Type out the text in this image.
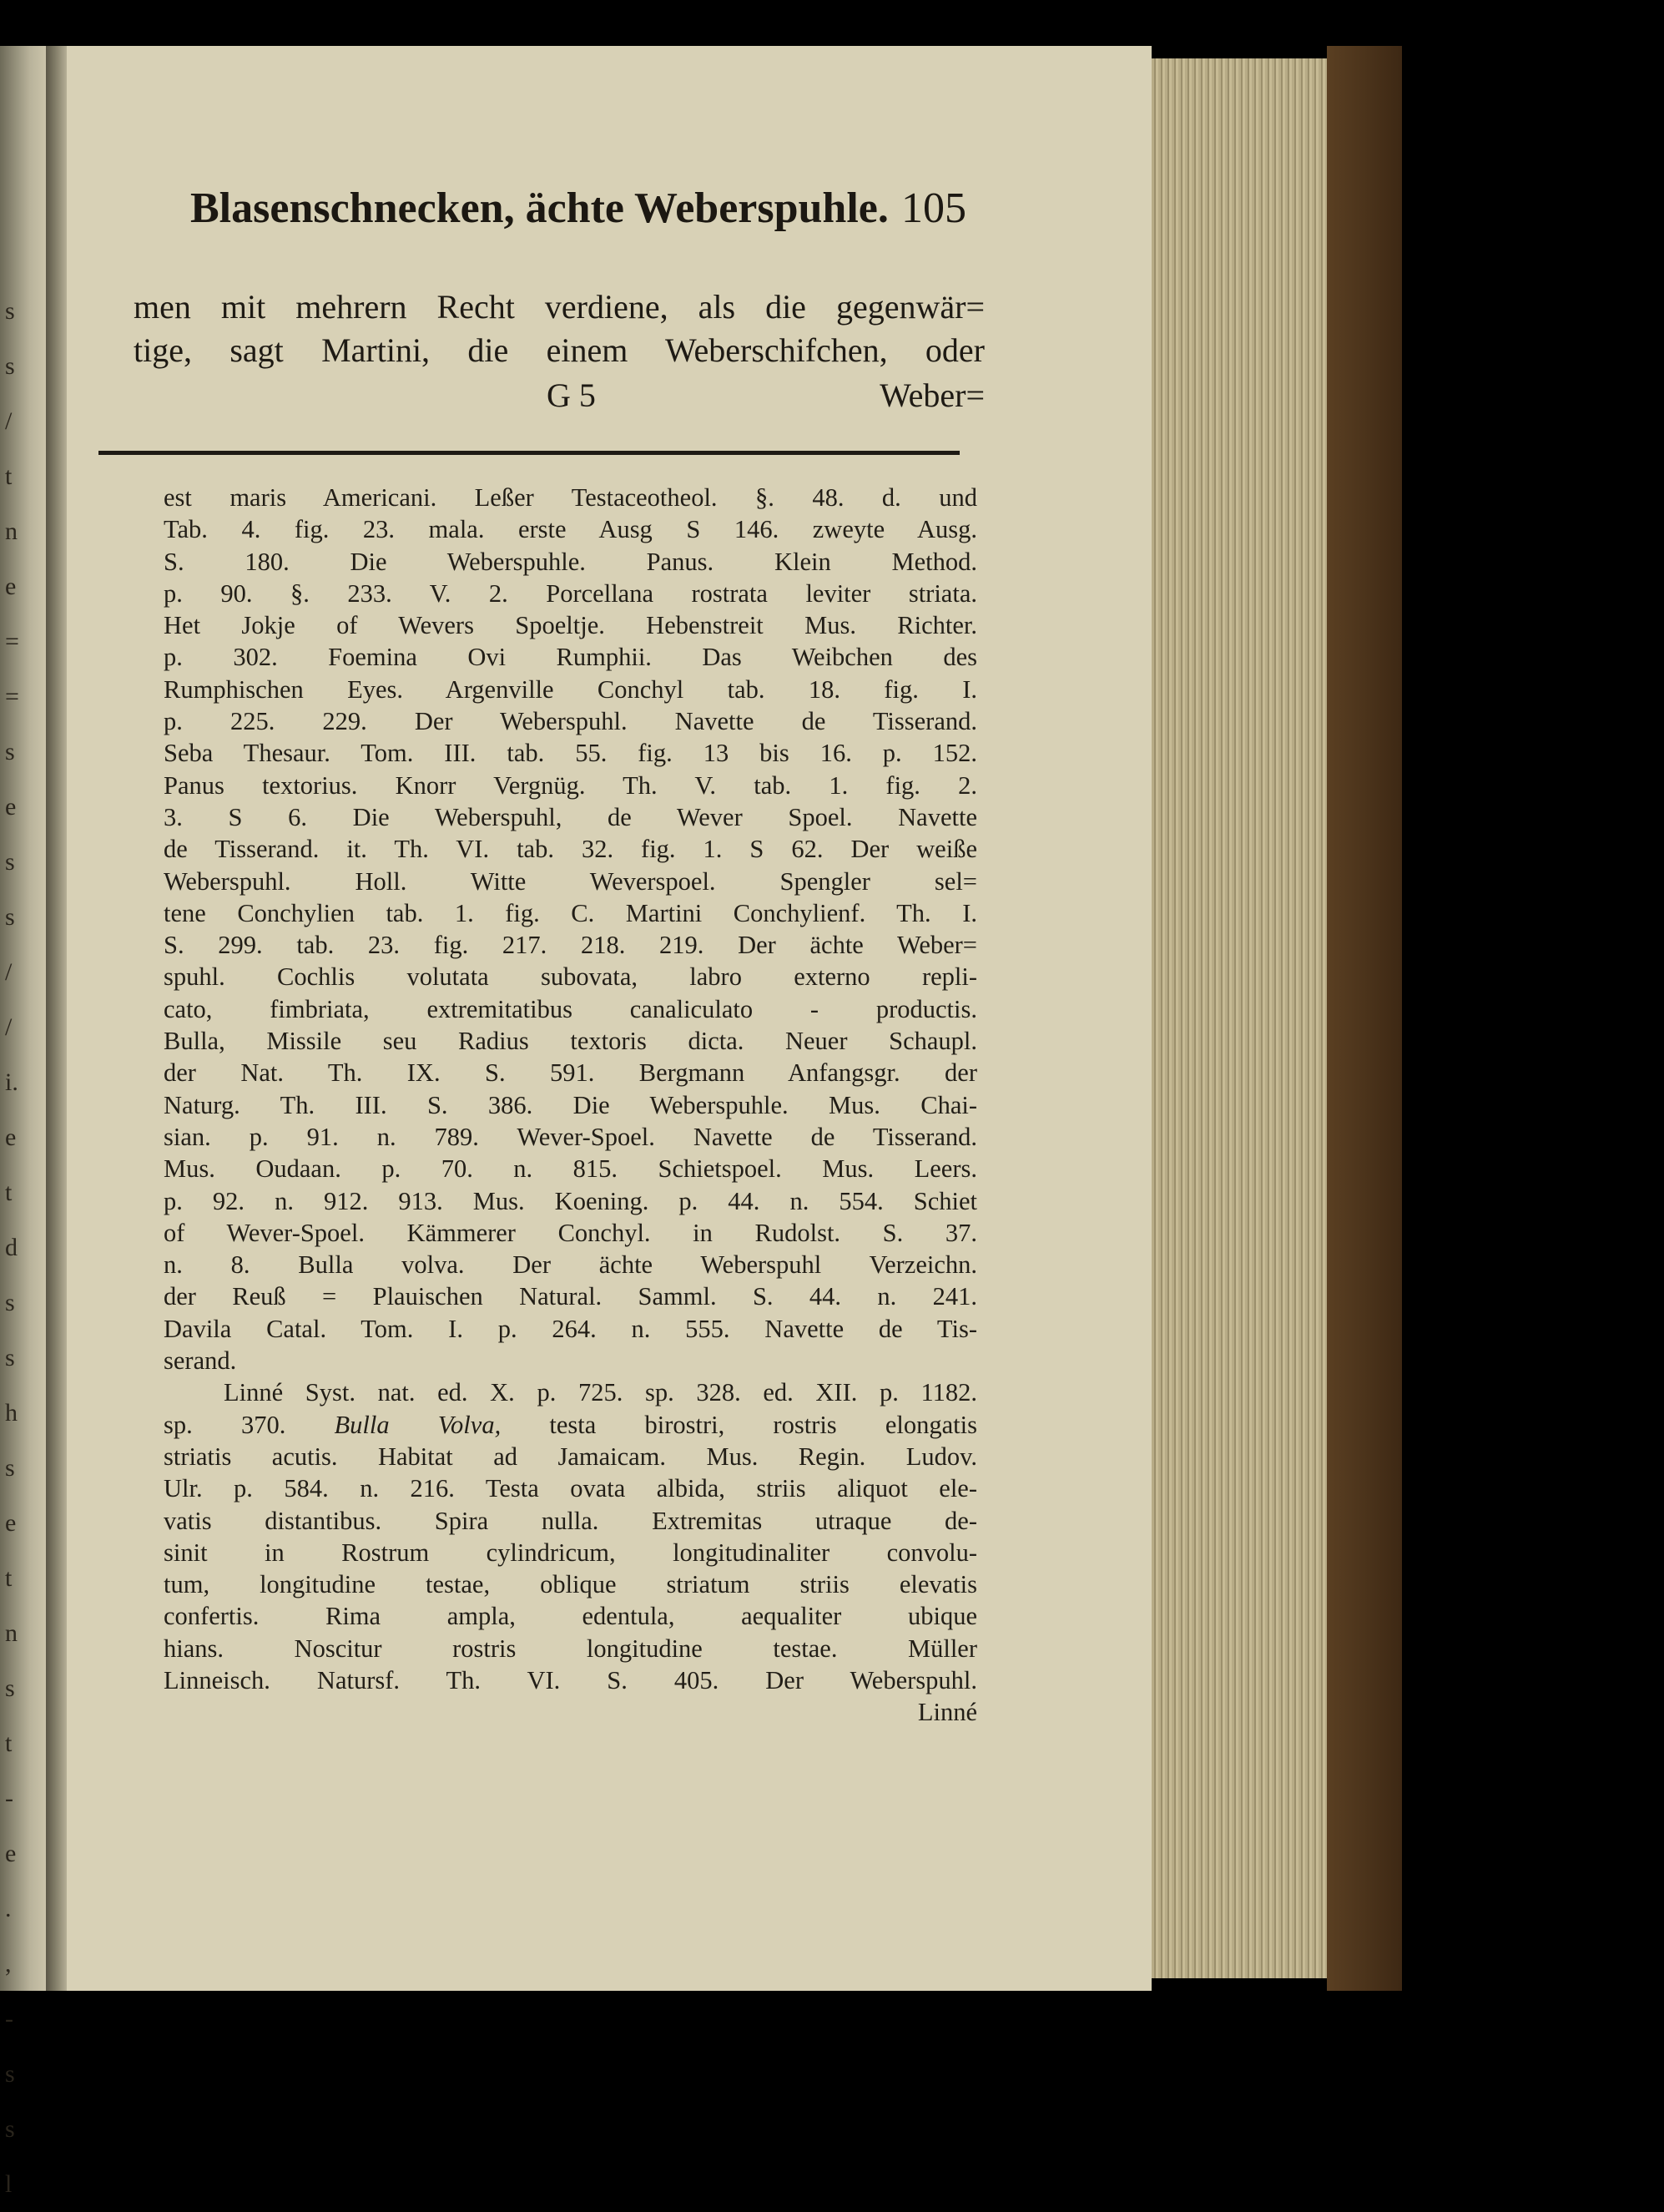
s
s
/
t
n
e
=
=
s
e
s
s
/
/
i.
e
t
d
s
s
h
s
e
t
n
s
t
-
e
.
,
-
s
s
l
Blasenschnecken, ächte Weberspuhle. 105
men mit mehrern Recht verdiene, als die gegenwär=
tige, sagt Martini, die einem Weberschifchen, oder
G 5	Weber=
est maris Americani. Leßer Testaceotheol. §. 48. d. und
Tab. 4. fig. 23. mala. erste Ausg S 146. zweyte Ausg.
S. 180. Die Weberspuhle. Panus. Klein Method.
p. 90. §. 233. V. 2. Porcellana rostrata leviter striata.
Het Jokje of Wevers Spoeltje. Hebenstreit Mus. Richter.
p. 302. Foemina Ovi Rumphii. Das Weibchen des
Rumphischen Eyes. Argenville Conchyl tab. 18. fig. I.
p. 225. 229. Der Weberspuhl. Navette de Tisserand.
Seba Thesaur. Tom. III. tab. 55. fig. 13 bis 16. p. 152.
Panus textorius. Knorr Vergnüg. Th. V. tab. 1. fig. 2.
3. S 6. Die Weberspuhl, de Wever Spoel. Navette
de Tisserand. it. Th. VI. tab. 32. fig. 1. S 62. Der weiße
Weberspuhl. Holl. Witte Weverspoel. Spengler sel=
tene Conchylien tab. 1. fig. C. Martini Conchylienf. Th. I.
S. 299. tab. 23. fig. 217. 218. 219. Der ächte Weber=
spuhl. Cochlis volutata subovata, labro externo repli-
cato, fimbriata, extremitatibus canaliculato - productis.
Bulla, Missile seu Radius textoris dicta. Neuer Schaupl.
der Nat. Th. IX. S. 591. Bergmann Anfangsgr. der
Naturg. Th. III. S. 386. Die Weberspuhle. Mus. Chai-
sian. p. 91. n. 789. Wever-Spoel. Navette de Tisserand.
Mus. Oudaan. p. 70. n. 815. Schietspoel. Mus. Leers.
p. 92. n. 912. 913. Mus. Koening. p. 44. n. 554. Schiet
of Wever-Spoel. Kämmerer Conchyl. in Rudolst. S. 37.
n. 8. Bulla volva. Der ächte Weberspuhl Verzeichn.
der Reuß = Plauischen Natural. Samml. S. 44. n. 241.
Davila Catal. Tom. I. p. 264. n. 555. Navette de Tis-
serand.
Linné Syst. nat. ed. X. p. 725. sp. 328. ed. XII. p. 1182.
sp. 370. Bulla Volva, testa birostri, rostris elongatis
striatis acutis. Habitat ad Jamaicam. Mus. Regin. Ludov.
Ulr. p. 584. n. 216. Testa ovata albida, striis aliquot ele-
vatis distantibus. Spira nulla. Extremitas utraque de-
sinit in Rostrum cylindricum, longitudinaliter convolu-
tum, longitudine testae, oblique striatum striis elevatis
confertis. Rima ampla, edentula, aequaliter ubique
hians. Noscitur rostris longitudine testae. Müller
Linneisch. Natursf. Th. VI. S. 405. Der Weberspuhl.
Linné
